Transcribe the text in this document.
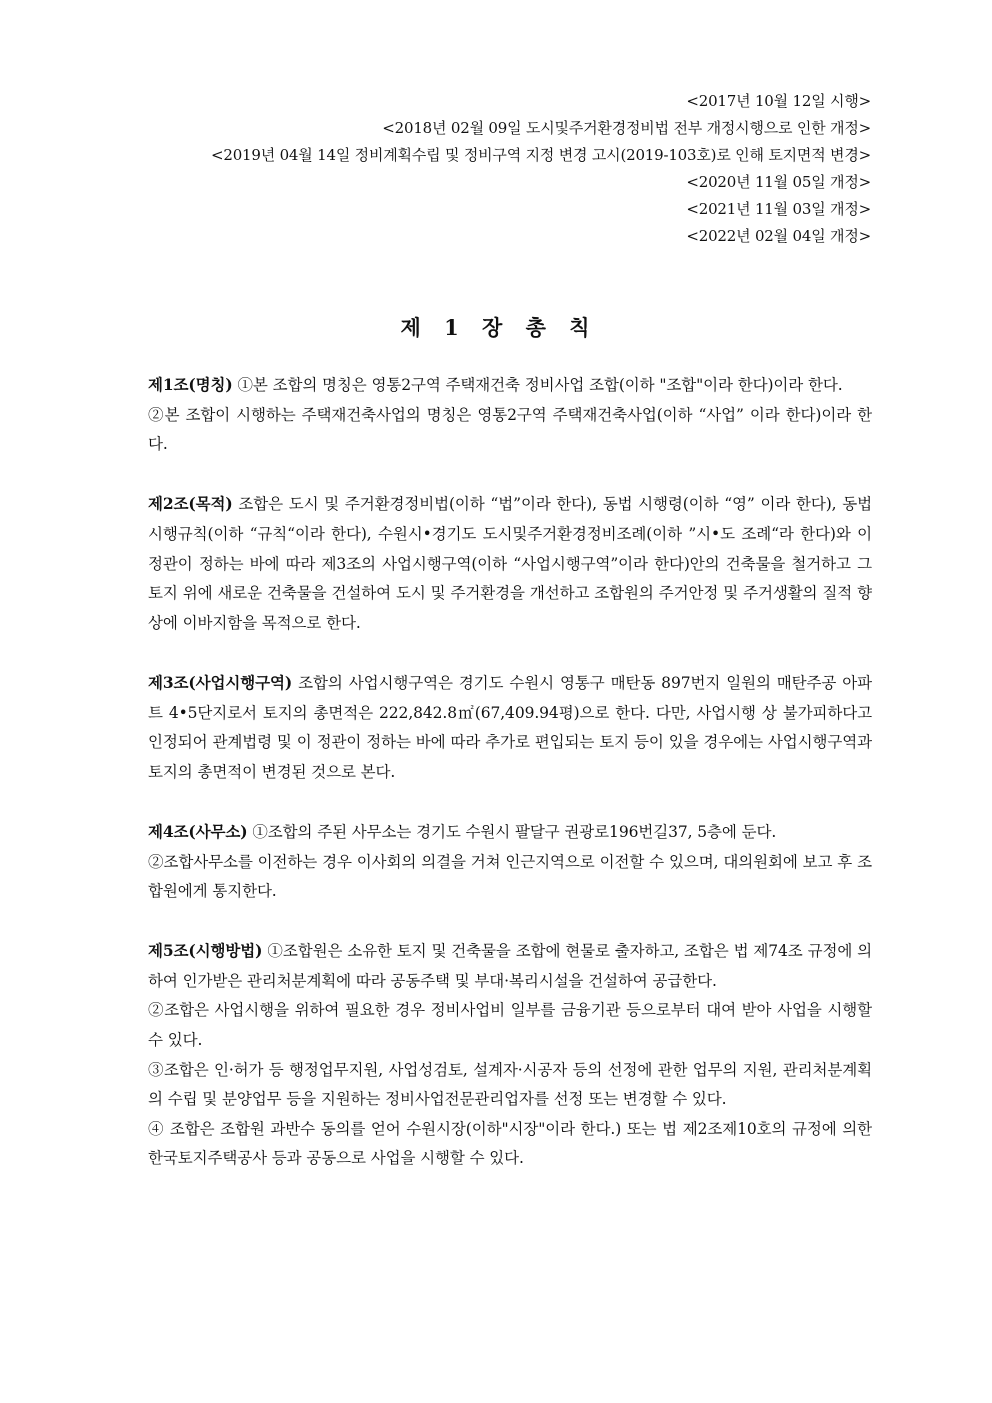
<2017년 10월 12일 시행>
<2018년 02월 09일 도시및주거환경정비법 전부 개정시행으로 인한 개정>
<2019년 04월 14일 정비계획수립 및 정비구역 지정 변경 고시(2019-103호)로 인해 토지면적 변경>
<2020년 11월 05일 개정>
<2021년 11월 03일 개정>
<2022년 02월 04일 개정>
제 1 장 총 칙

제1조(명칭) ①본 조합의 명칭은 영통2구역 주택재건축 정비사업 조합(이하 "조합"이라 한다)이라 한다.

②본 조합이 시행하는 주택재건축사업의 명칭은 영통2구역 주택재건축사업(이하 “사업” 이라 한다)이라 한다.

제2조(목적) 조합은 도시 및 주거환경정비법(이하 “법”이라 한다), 동법 시행령(이하 “영” 이라 한다), 동법 시행규칙(이하 “규칙“이라 한다), 수원시•경기도 도시및주거환경정비조례(이하 ”시•도 조례“라 한다)와 이 정관이 정하는 바에 따라 제3조의 사업시행구역(이하 “사업시행구역”이라 한다)안의 건축물을 철거하고 그 토지 위에 새로운 건축물을 건설하여 도시 및 주거환경을 개선하고 조합원의 주거안정 및 주거생활의 질적 향상에 이바지함을 목적으로 한다.

제3조(사업시행구역) 조합의 사업시행구역은 경기도 수원시 영통구 매탄동 897번지 일원의 매탄주공 아파트 4•5단지로서 토지의 총면적은 222,842.8㎡(67,409.94평)으로 한다. 다만, 사업시행 상 불가피하다고 인정되어 관계법령 및 이 정관이 정하는 바에 따라 추가로 편입되는 토지 등이 있을 경우에는 사업시행구역과 토지의 총면적이 변경된 것으로 본다.

제4조(사무소) ①조합의 주된 사무소는 경기도 수원시 팔달구 권광로196번길37, 5층에 둔다.

②조합사무소를 이전하는 경우 이사회의 의결을 거쳐 인근지역으로 이전할 수 있으며, 대의원회에 보고 후 조합원에게 통지한다.

제5조(시행방법) ①조합원은 소유한 토지 및 건축물을 조합에 현물로 출자하고, 조합은 법 제74조 규정에 의하여 인가받은 관리처분계획에 따라 공동주택 및 부대·복리시설을 건설하여 공급한다.

②조합은 사업시행을 위하여 필요한 경우 정비사업비 일부를 금융기관 등으로부터 대여 받아 사업을 시행할 수 있다.

③조합은 인·허가 등 행정업무지원, 사업성검토, 설계자·시공자 등의 선정에 관한 업무의 지원, 관리처분계획의 수립 및 분양업무 등을 지원하는 정비사업전문관리업자를 선정 또는 변경할 수 있다.

④ 조합은 조합원 과반수 동의를 얻어 수원시장(이하"시장"이라 한다.) 또는 법 제2조제10호의 규정에 의한 한국토지주택공사 등과 공동으로 사업을 시행할 수 있다.
